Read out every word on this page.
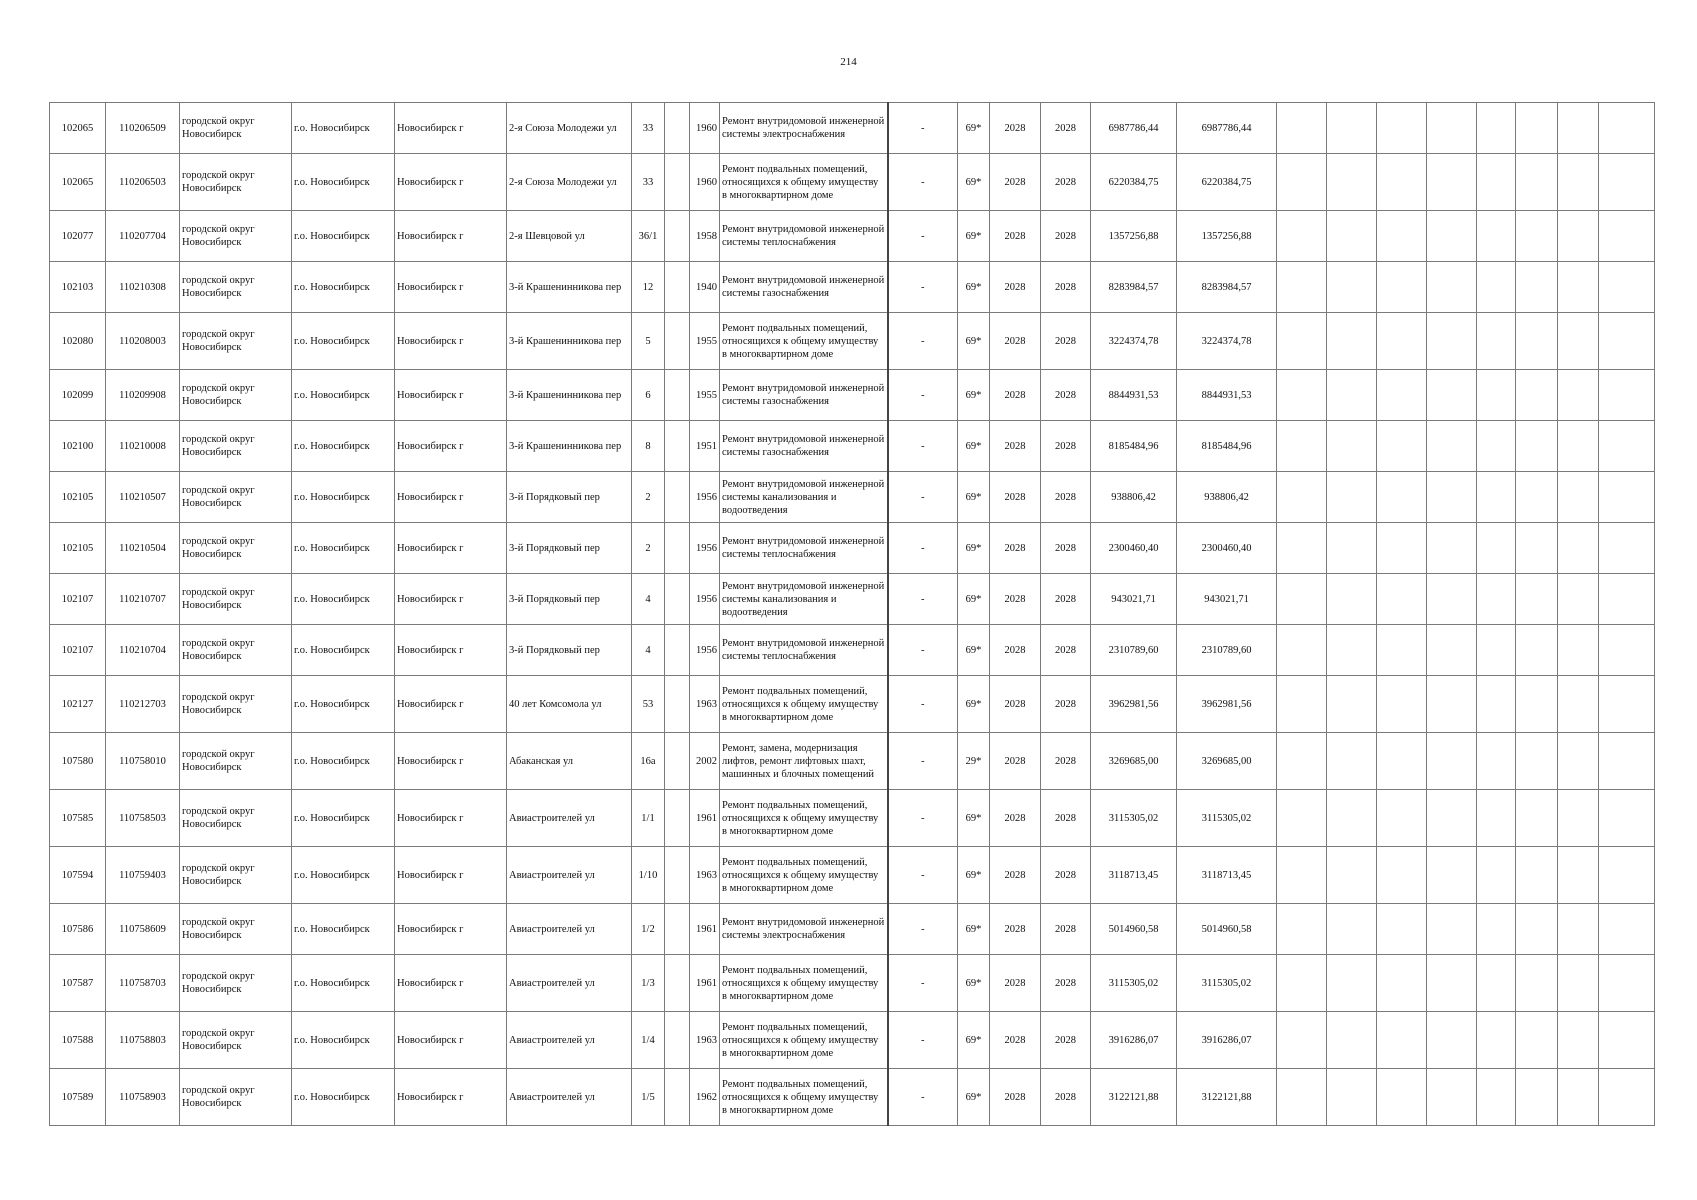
214
102065	110206509	городской округ Новосибирск	г.о. Новосибирск	Новосибирск г	2-я Союза Молодежи ул	33		1960	Ремонт внутридомовой инженерной системы электроснабжения	-	69*	2028	2028	6987786,44	6987786,44								
102065	110206503	городской округ Новосибирск	г.о. Новосибирск	Новосибирск г	2-я Союза Молодежи ул	33		1960	Ремонт подвальных помещений, относящихся к общему имуществу в многоквартирном доме	-	69*	2028	2028	6220384,75	6220384,75								
102077	110207704	городской округ Новосибирск	г.о. Новосибирск	Новосибирск г	2-я Шевцовой ул	36/1		1958	Ремонт внутридомовой инженерной системы теплоснабжения	-	69*	2028	2028	1357256,88	1357256,88								
102103	110210308	городской округ Новосибирск	г.о. Новосибирск	Новосибирск г	3-й Крашенинникова пер	12		1940	Ремонт внутридомовой инженерной системы газоснабжения	-	69*	2028	2028	8283984,57	8283984,57								
102080	110208003	городской округ Новосибирск	г.о. Новосибирск	Новосибирск г	3-й Крашенинникова пер	5		1955	Ремонт подвальных помещений, относящихся к общему имуществу в многоквартирном доме	-	69*	2028	2028	3224374,78	3224374,78								
102099	110209908	городской округ Новосибирск	г.о. Новосибирск	Новосибирск г	3-й Крашенинникова пер	6		1955	Ремонт внутридомовой инженерной системы газоснабжения	-	69*	2028	2028	8844931,53	8844931,53								
102100	110210008	городской округ Новосибирск	г.о. Новосибирск	Новосибирск г	3-й Крашенинникова пер	8		1951	Ремонт внутридомовой инженерной системы газоснабжения	-	69*	2028	2028	8185484,96	8185484,96								
102105	110210507	городской округ Новосибирск	г.о. Новосибирск	Новосибирск г	3-й Порядковый пер	2		1956	Ремонт внутридомовой инженерной системы канализования и водоотведения	-	69*	2028	2028	938806,42	938806,42								
102105	110210504	городской округ Новосибирск	г.о. Новосибирск	Новосибирск г	3-й Порядковый пер	2		1956	Ремонт внутридомовой инженерной системы теплоснабжения	-	69*	2028	2028	2300460,40	2300460,40								
102107	110210707	городской округ Новосибирск	г.о. Новосибирск	Новосибирск г	3-й Порядковый пер	4		1956	Ремонт внутридомовой инженерной системы канализования и водоотведения	-	69*	2028	2028	943021,71	943021,71								
102107	110210704	городской округ Новосибирск	г.о. Новосибирск	Новосибирск г	3-й Порядковый пер	4		1956	Ремонт внутридомовой инженерной системы теплоснабжения	-	69*	2028	2028	2310789,60	2310789,60								
102127	110212703	городской округ Новосибирск	г.о. Новосибирск	Новосибирск г	40 лет Комсомола ул	53		1963	Ремонт подвальных помещений, относящихся к общему имуществу в многоквартирном доме	-	69*	2028	2028	3962981,56	3962981,56								
107580	110758010	городской округ Новосибирск	г.о. Новосибирск	Новосибирск г	Абаканская ул	16а		2002	Ремонт, замена, модернизация лифтов, ремонт лифтовых шахт, машинных и блочных помещений	-	29*	2028	2028	3269685,00	3269685,00								
107585	110758503	городской округ Новосибирск	г.о. Новосибирск	Новосибирск г	Авиастроителей ул	1/1		1961	Ремонт подвальных помещений, относящихся к общему имуществу в многоквартирном доме	-	69*	2028	2028	3115305,02	3115305,02								
107594	110759403	городской округ Новосибирск	г.о. Новосибирск	Новосибирск г	Авиастроителей ул	1/10		1963	Ремонт подвальных помещений, относящихся к общему имуществу в многоквартирном доме	-	69*	2028	2028	3118713,45	3118713,45								
107586	110758609	городской округ Новосибирск	г.о. Новосибирск	Новосибирск г	Авиастроителей ул	1/2		1961	Ремонт внутридомовой инженерной системы электроснабжения	-	69*	2028	2028	5014960,58	5014960,58								
107587	110758703	городской округ Новосибирск	г.о. Новосибирск	Новосибирск г	Авиастроителей ул	1/3		1961	Ремонт подвальных помещений, относящихся к общему имуществу в многоквартирном доме	-	69*	2028	2028	3115305,02	3115305,02								
107588	110758803	городской округ Новосибирск	г.о. Новосибирск	Новосибирск г	Авиастроителей ул	1/4		1963	Ремонт подвальных помещений, относящихся к общему имуществу в многоквартирном доме	-	69*	2028	2028	3916286,07	3916286,07								
107589	110758903	городской округ Новосибирск	г.о. Новосибирск	Новосибирск г	Авиастроителей ул	1/5		1962	Ремонт подвальных помещений, относящихся к общему имуществу в многоквартирном доме	-	69*	2028	2028	3122121,88	3122121,88								
